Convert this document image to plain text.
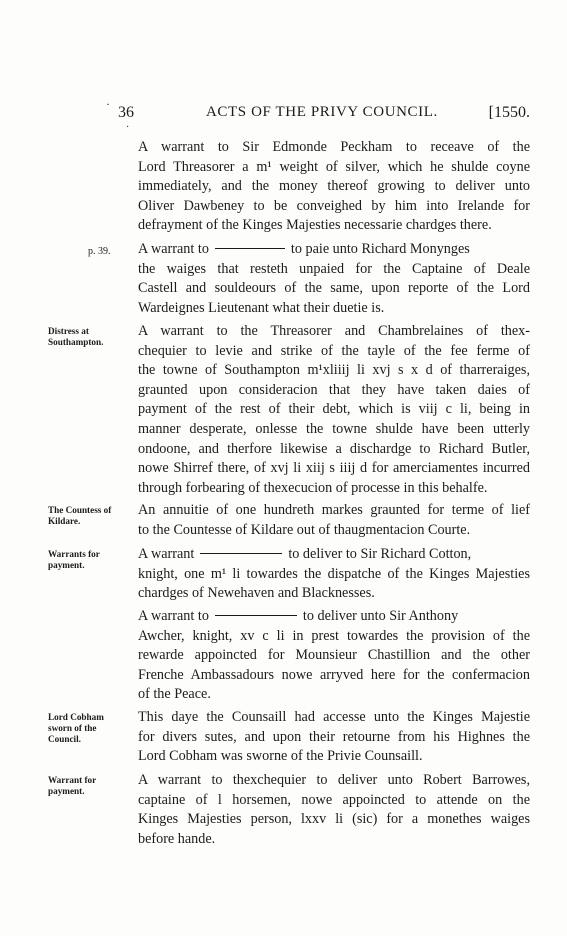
·
·
36	ACTS OF THE PRIVY COUNCIL.	[1550.

A warrant to Sir Edmonde Peckham to receave of the
Lord Threasorer a m¹ weight of silver, which he shulde coyne
immediately, and the money thereof growing to deliver unto
Oliver Dawbeney to be conveighed by him into Irelande for
defrayment of the Kinges Majesties necessarie chardges there.

p. 39.	A warrant to	to paie unto Richard Monynges
the waiges that resteth unpaied for the Captaine of Deale
Castell and souldeours of the same, upon reporte of the Lord
Wardeignes Lieutenant what their duetie is.

Distress at Southampton.

A warrant to the Threasorer and Chambrelaines of thex-
chequier to levie and strike of the tayle of the fee ferme of
the towne of Southampton m¹xliiij li xvj s x d of tharreraiges,
graunted upon consideracion that they have taken daies of
payment of the rest of their debt, which is viij c li, being in
manner desperate, onlesse the towne shulde have been utterly
ondoone, and therfore likewise a dischardge to Richard Butler,
nowe Shirref there, of xvj li xiij s iiij d for amerciamentes incurred
through forbearing of thexecucion of processe in this behalfe.

The Countess of Kildare.

An annuitie of one hundreth markes graunted for terme of lief
to the Countesse of Kildare out of thaugmentacion Courte.

Warrants for payment.

A warrant	to deliver to Sir Richard Cotton,
knight, one m¹ li towardes the dispatche of the Kinges Majesties
chardges of Newehaven and Blacknesses.

A warrant to	to deliver unto Sir Anthony
Awcher, knight, xv c li in prest towardes the provision of the
rewarde appoincted for Mounsieur Chastillion and the other
Frenche Ambassadours nowe arryved here for the confermacion
of the Peace.

Lord Cobham sworn of the Council.

This daye the Counsaill had accesse unto the Kinges Majestie
for divers sutes, and upon their retourne from his Highnes the
Lord Cobham was sworne of the Privie Counsaill.

Warrant for payment.

A warrant to thexchequier to deliver unto Robert Barrowes,
captaine of l horsemen, nowe appoincted to attende on the
Kinges Majesties person, lxxv li (sic) for a monethes waiges
before hande.
